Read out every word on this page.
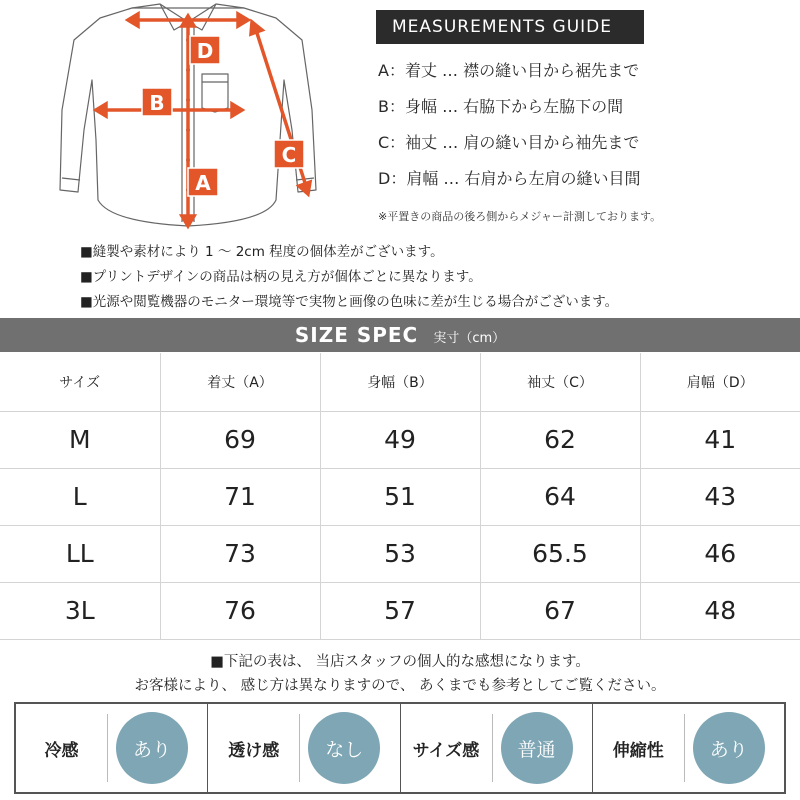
D
B
A
C
MEASUREMENTS GUIDE
A：着丈 … 襟の縫い目から裾先まで
B：身幅 … 右脇下から左脇下の間
C：袖丈 … 肩の縫い目から袖先まで
D：肩幅 … 右肩から左肩の縫い目間
※平置きの商品の後ろ側からメジャー計測しております。
■縫製や素材により 1 ～ 2cm 程度の個体差がございます。
■プリントデザインの商品は柄の見え方が個体ごとに異なります。
■光源や閲覧機器のモニター環境等で実物と画像の色味に差が生じる場合がございます。
SIZE SPEC 実寸（cm）
サイズ	着丈（A）	身幅（B）	袖丈（C）	肩幅（D）
M	69	49	62	41
L	71	51	64	43
LL	73	53	65.5	46
3L	76	57	67	48
■下記の表は、 当店スタッフの個人的な感想になります。
お客様により、 感じ方は異なりますので、 あくまでも参考としてご覧ください。
冷感	あり	透け感	なし	サイズ感	普通	伸縮性	あり
